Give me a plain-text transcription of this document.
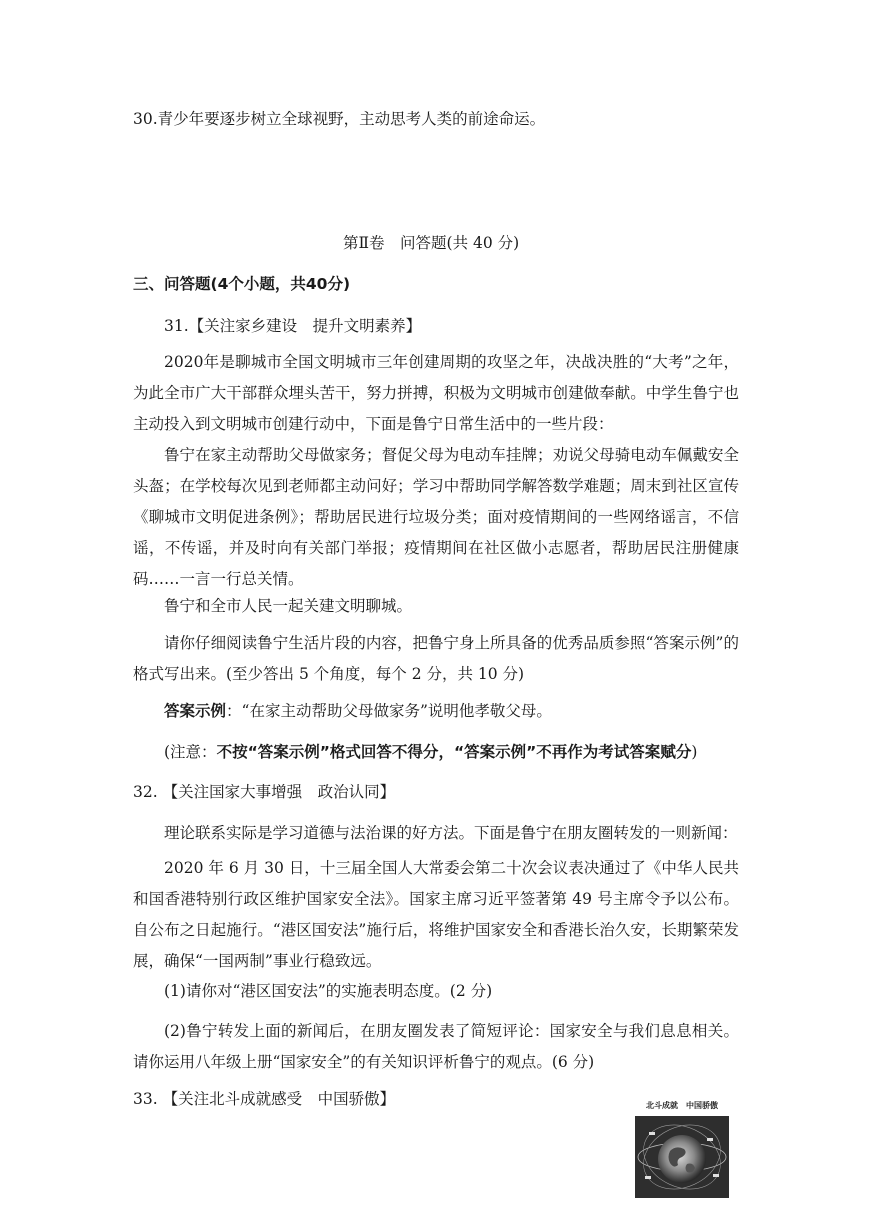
30.青少年要逐步树立全球视野，主动思考人类的前途命运。

第Ⅱ卷　问答题(共 40 分)

三、问答题(4个小题，共40分)

31.【关注家乡建设　提升文明素养】

2020年是聊城市全国文明城市三年创建周期的攻坚之年，决战决胜的“大考”之年，为此全市广大干部群众埋头苦干，努力拼搏，积极为文明城市创建做奉献。中学生鲁宁也主动投入到文明城市创建行动中，下面是鲁宁日常生活中的一些片段：

鲁宁在家主动帮助父母做家务；督促父母为电动车挂牌；劝说父母骑电动车佩戴安全头盔；在学校每次见到老师都主动问好；学习中帮助同学解答数学难题；周末到社区宣传《聊城市文明促进条例》；帮助居民进行垃圾分类；面对疫情期间的一些网络谣言，不信谣，不传谣，并及时向有关部门举报；疫情期间在社区做小志愿者，帮助居民注册健康码……一言一行总关情。

鲁宁和全市人民一起关建文明聊城。

请你仔细阅读鲁宁生活片段的内容，把鲁宁身上所具备的优秀品质参照“答案示例”的格式写出来。(至少答出 5 个角度，每个 2 分，共 10 分)

答案示例：“在家主动帮助父母做家务”说明他孝敬父母。

(注意：不按“答案示例”格式回答不得分，“答案示例”不再作为考试答案赋分)

32. 【关注国家大事增强　政治认同】

理论联系实际是学习道德与法治课的好方法。下面是鲁宁在朋友圈转发的一则新闻：

2020 年 6 月 30 日，十三届全国人大常委会第二十次会议表决通过了《中华人民共和国香港特别行政区维护国家安全法》。国家主席习近平签著第 49 号主席令予以公布。自公布之日起施行。“港区国安法”施行后，将维护国家安全和香港长治久安，长期繁荣发展，确保“一国两制”事业行稳致远。

(1)请你对“港区国安法”的实施表明态度。(2 分)

(2)鲁宁转发上面的新闻后，在朋友圈发表了简短评论：国家安全与我们息息相关。请你运用八年级上册“国家安全”的有关知识评析鲁宁的观点。(6 分)

33. 【关注北斗成就感受　中国骄傲】	北斗成就　中国骄傲
